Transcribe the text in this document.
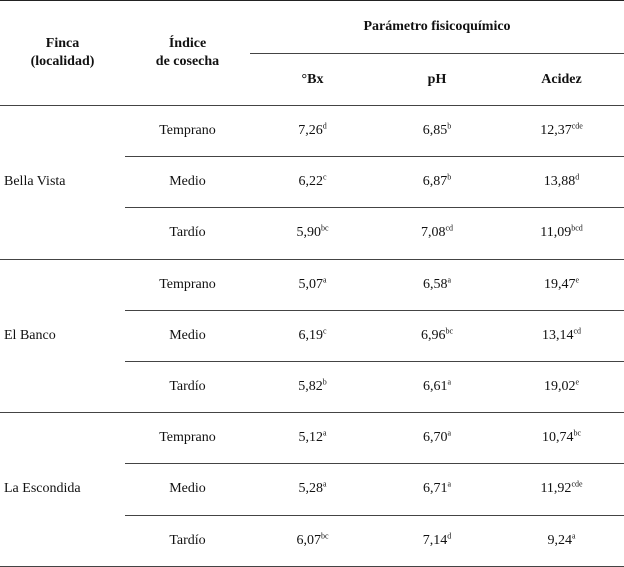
Finca
(localidad)	Índice
de cosecha	Parámetro fisicoquímico		
		°Bx	pH	Acidez
Bella Vista	Temprano	7,26$^d$	6,85$^b$	12,37$^{cde}$
	Medio	6,22$^c$	6,87$^b$	13,88$^d$
	Tardío	5,90$^{bc}$	7,08$^{cd}$	11,09$^{bcd}$
El Banco	Temprano	5,07$^a$	6,58$^a$	19,47e
	Medio	6,19$^c$	6,96$^{bc}$	13,14$^{cd}$
	Tardío	5,82$^b$	6,61$^a$	19,02e
La Escondida	Temprano	5,12$^a$	6,70$^a$	10,74$^{bc}$
	Medio	5,28$^a$	6,71$^a$	11,92$^{cde}$
	Tardío	6,07$^{bc}$	7,14$^d$	9,24$^a$
